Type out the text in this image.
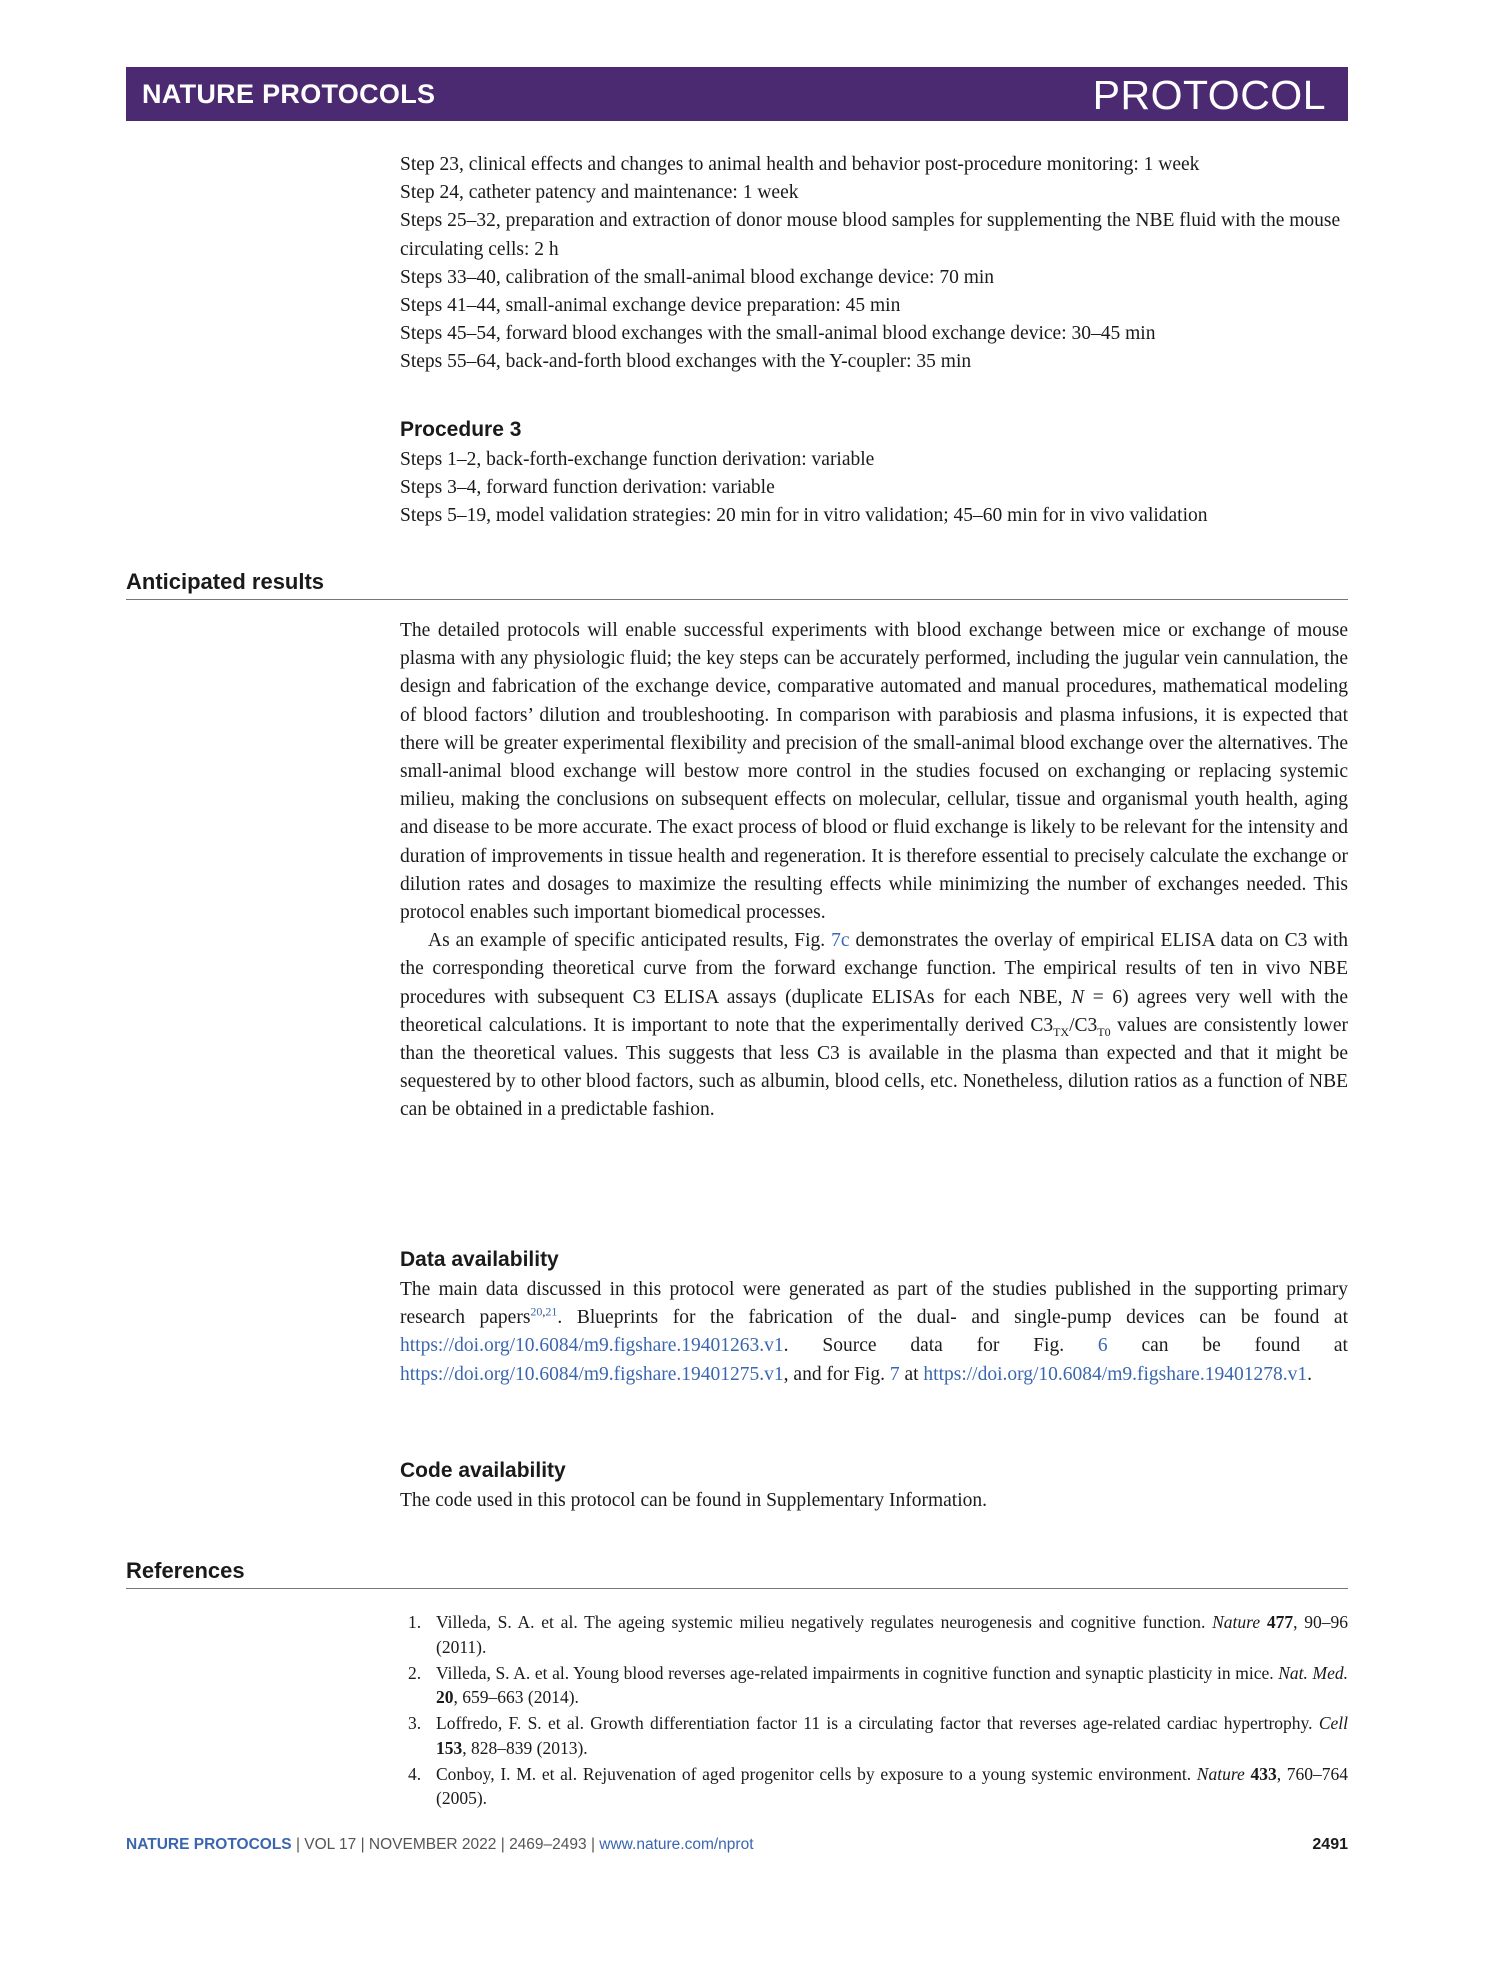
NATURE PROTOCOLS	PROTOCOL

Step 23, clinical effects and changes to animal health and behavior post-procedure monitoring: 1 week

Step 24, catheter patency and maintenance: 1 week

Steps 25–32, preparation and extraction of donor mouse blood samples for supplementing the NBE fluid with the mouse circulating cells: 2 h

Steps 33–40, calibration of the small-animal blood exchange device: 70 min

Steps 41–44, small-animal exchange device preparation: 45 min

Steps 45–54, forward blood exchanges with the small-animal blood exchange device: 30–45 min

Steps 55–64, back-and-forth blood exchanges with the Y-coupler: 35 min

Procedure 3

Steps 1–2, back-forth-exchange function derivation: variable

Steps 3–4, forward function derivation: variable

Steps 5–19, model validation strategies: 20 min for in vitro validation; 45–60 min for in vivo validation

Anticipated results

The detailed protocols will enable successful experiments with blood exchange between mice or exchange of mouse plasma with any physiologic fluid; the key steps can be accurately performed, including the jugular vein cannulation, the design and fabrication of the exchange device, comparative automated and manual procedures, mathematical modeling of blood factors’ dilution and troubleshooting. In comparison with parabiosis and plasma infusions, it is expected that there will be greater experimental flexibility and precision of the small-animal blood exchange over the alternatives. The small-animal blood exchange will bestow more control in the studies focused on exchanging or replacing systemic milieu, making the conclusions on subsequent effects on molecular, cellular, tissue and organismal youth health, aging and disease to be more accurate. The exact process of blood or fluid exchange is likely to be relevant for the intensity and duration of improvements in tissue health and regeneration. It is therefore essential to precisely calculate the exchange or dilution rates and dosages to maximize the resulting effects while minimizing the number of exchanges needed. This protocol enables such important biomedical processes.

As an example of specific anticipated results, Fig. 7c demonstrates the overlay of empirical ELISA data on C3 with the corresponding theoretical curve from the forward exchange function. The empirical results of ten in vivo NBE procedures with subsequent C3 ELISA assays (duplicate ELISAs for each NBE, N = 6) agrees very well with the theoretical calculations. It is important to note that the experimentally derived $C3_{TX}/C3_{T0}$ values are consistently lower than the theoretical values. This suggests that less C3 is available in the plasma than expected and that it might be sequestered by to other blood factors, such as albumin, blood cells, etc. Nonetheless, dilution ratios as a function of NBE can be obtained in a predictable fashion.

Data availability

The main data discussed in this protocol were generated as part of the studies published in the supporting primary research papers$^{20,21}$. Blueprints for the fabrication of the dual- and single-pump devices can be found at https://doi.org/10.6084/m9.figshare.19401263.v1. Source data for Fig. 6 can be found at https://doi.org/10.6084/m9.figshare.19401275.v1, and for Fig. 7 at https://doi.org/10.6084/m9.figshare.19401278.v1.

Code availability

The code used in this protocol can be found in Supplementary Information.

References
1. Villeda, S. A. et al. The ageing systemic milieu negatively regulates neurogenesis and cognitive function. Nature 477, 90–96 (2011).
2. Villeda, S. A. et al. Young blood reverses age-related impairments in cognitive function and synaptic plasticity in mice. Nat. Med. 20, 659–663 (2014).
3. Loffredo, F. S. et al. Growth differentiation factor 11 is a circulating factor that reverses age-related cardiac hypertrophy. Cell 153, 828–839 (2013).
4. Conboy, I. M. et al. Rejuvenation of aged progenitor cells by exposure to a young systemic environment. Nature 433, 760–764 (2005).
NATURE PROTOCOLS | VOL 17 | NOVEMBER 2022 | 2469–2493 | www.nature.com/nprot	2491
